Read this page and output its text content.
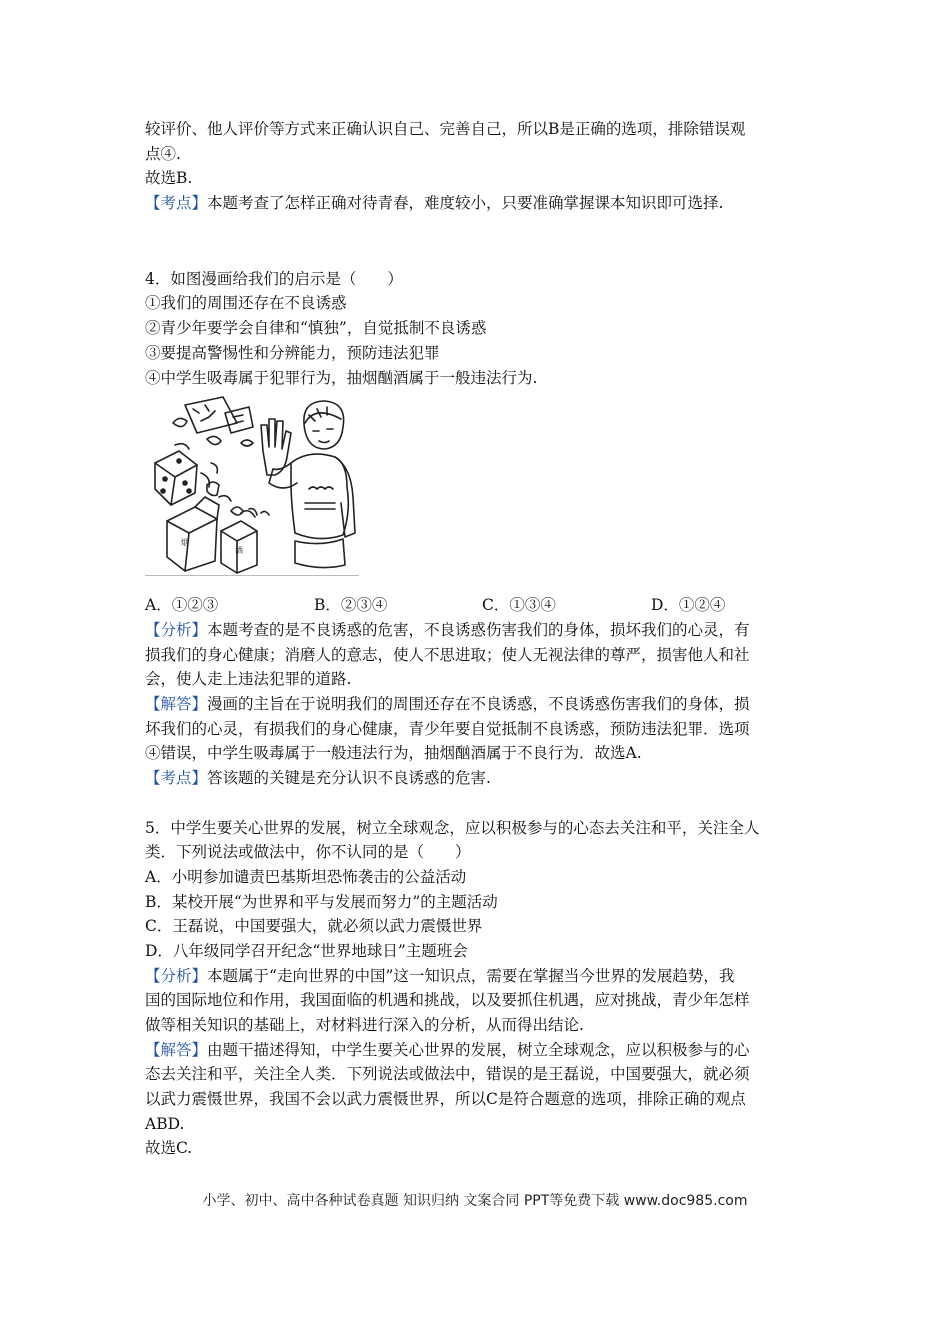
较评价、他人评价等方式来正确认识自己、完善自己，所以B是正确的选项，排除错误观
点④.
故选B.
【考点】本题考查了怎样正确对待青春，难度较小，只要准确掌握课本知识即可选择.
4．如图漫画给我们的启示是（　　）
①我们的周围还存在不良诱惑
②青少年要学会自律和“慎独”，自觉抵制不良诱惑
③要提高警惕性和分辨能力，预防违法犯罪
④中学生吸毒属于犯罪行为，抽烟酗酒属于一般违法行为.
烟
酒
A．①②③	B．②③④	C．①③④	D．①②④
【分析】本题考查的是不良诱惑的危害，不良诱惑伤害我们的身体，损坏我们的心灵，有
损我们的身心健康；消磨人的意志，使人不思进取；使人无视法律的尊严，损害他人和社
会，使人走上违法犯罪的道路.
【解答】漫画的主旨在于说明我们的周围还存在不良诱惑，不良诱惑伤害我们的身体，损
坏我们的心灵，有损我们的身心健康，青少年要自觉抵制不良诱惑，预防违法犯罪．选项
④错误，中学生吸毒属于一般违法行为，抽烟酗酒属于不良行为．故选A.
【考点】答该题的关键是充分认识不良诱惑的危害.
5．中学生要关心世界的发展，树立全球观念，应以积极参与的心态去关注和平，关注全人
类．下列说法或做法中，你不认同的是（　　）
A．小明参加谴责巴基斯坦恐怖袭击的公益活动
B．某校开展“为世界和平与发展而努力”的主题活动
C．王磊说，中国要强大，就必须以武力震慑世界
D．八年级同学召开纪念“世界地球日”主题班会
【分析】本题属于“走向世界的中国”这一知识点，需要在掌握当今世界的发展趋势，我
国的国际地位和作用，我国面临的机遇和挑战，以及要抓住机遇，应对挑战，青少年怎样
做等相关知识的基础上，对材料进行深入的分析，从而得出结论.
【解答】由题干描述得知，中学生要关心世界的发展，树立全球观念，应以积极参与的心
态去关注和平，关注全人类．下列说法或做法中，错误的是王磊说，中国要强大，就必须
以武力震慑世界，我国不会以武力震慑世界，所以C是符合题意的选项，排除正确的观点
ABD.
故选C.
小学、初中、高中各种试卷真题 知识归纳 文案合同 PPT等免费下载 www.doc985.com
